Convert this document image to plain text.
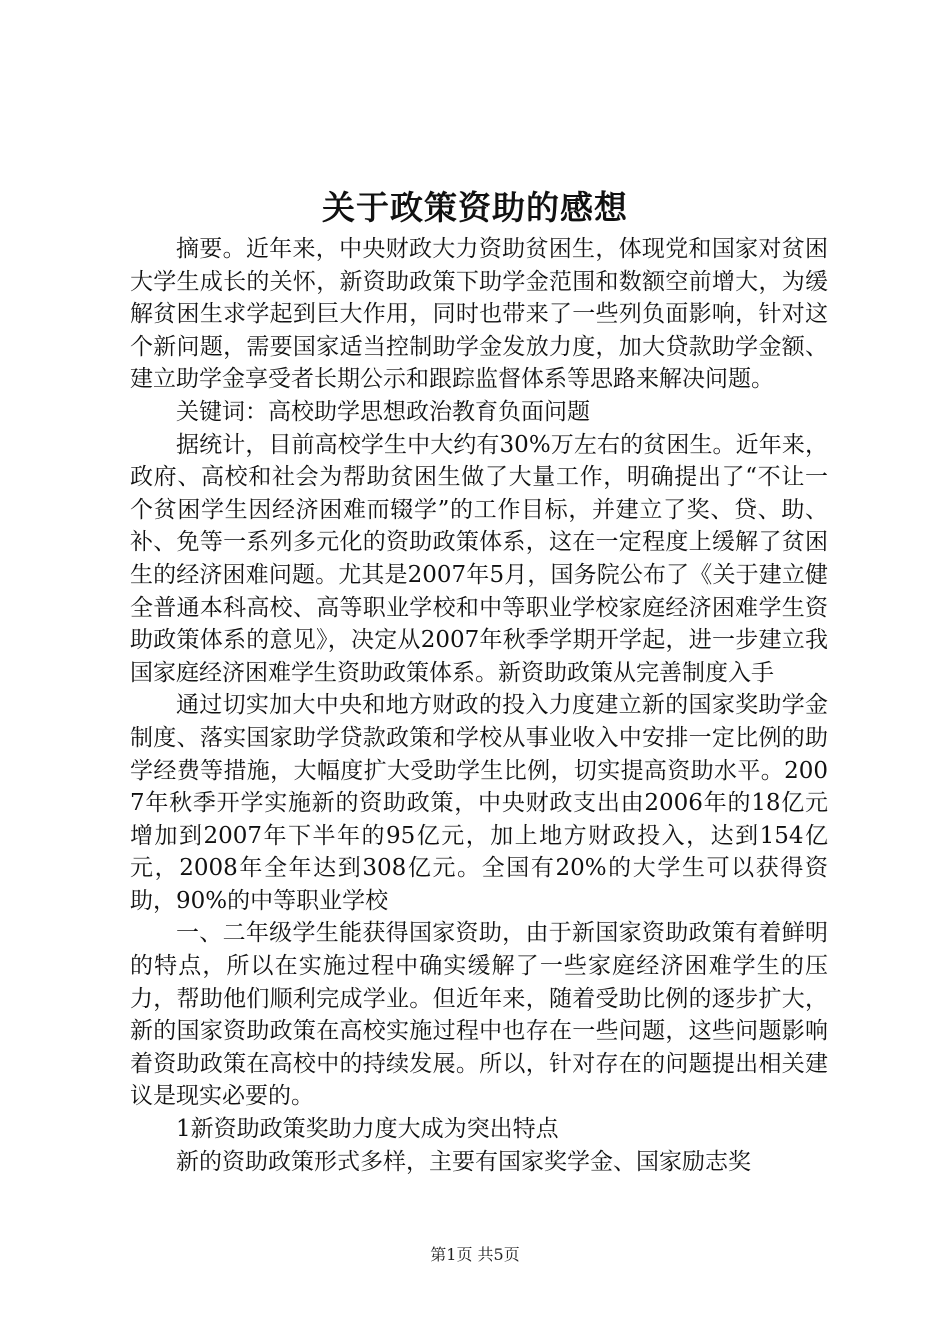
关于政策资助的感想

摘要。近年来，中央财政大力资助贫困生，体现党和国家对贫困大学生成长的关怀，新资助政策下助学金范围和数额空前增大，为缓解贫困生求学起到巨大作用，同时也带来了一些列负面影响，针对这个新问题，需要国家适当控制助学金发放力度，加大贷款助学金额、建立助学金享受者长期公示和跟踪监督体系等思路来解决问题。

关键词：高校助学思想政治教育负面问题

据统计，目前高校学生中大约有30%万左右的贫困生。近年来，政府、高校和社会为帮助贫困生做了大量工作，明确提出了“不让一个贫困学生因经济困难而辍学”的工作目标，并建立了奖、贷、助、补、免等一系列多元化的资助政策体系，这在一定程度上缓解了贫困生的经济困难问题。尤其是2007年5月，国务院公布了《关于建立健全普通本科高校、高等职业学校和中等职业学校家庭经济困难学生资助政策体系的意见》，决定从2007年秋季学期开学起，进一步建立我国家庭经济困难学生资助政策体系。新资助政策从完善制度入手

通过切实加大中央和地方财政的投入力度建立新的国家奖助学金制度、落实国家助学贷款政策和学校从事业收入中安排一定比例的助学经费等措施，大幅度扩大受助学生比例，切实提高资助水平。2007年秋季开学实施新的资助政策，中央财政支出由2006年的18亿元增加到2007年下半年的95亿元，加上地方财政投入，达到154亿元，2008年全年达到308亿元。全国有20%的大学生可以获得资助，90%的中等职业学校

一、二年级学生能获得国家资助，由于新国家资助政策有着鲜明的特点，所以在实施过程中确实缓解了一些家庭经济困难学生的压力，帮助他们顺利完成学业。但近年来，随着受助比例的逐步扩大，新的国家资助政策在高校实施过程中也存在一些问题，这些问题影响着资助政策在高校中的持续发展。所以，针对存在的问题提出相关建议是现实必要的。

1新资助政策奖助力度大成为突出特点

新的资助政策形式多样，主要有国家奖学金、国家励志奖

第1页 共5页
